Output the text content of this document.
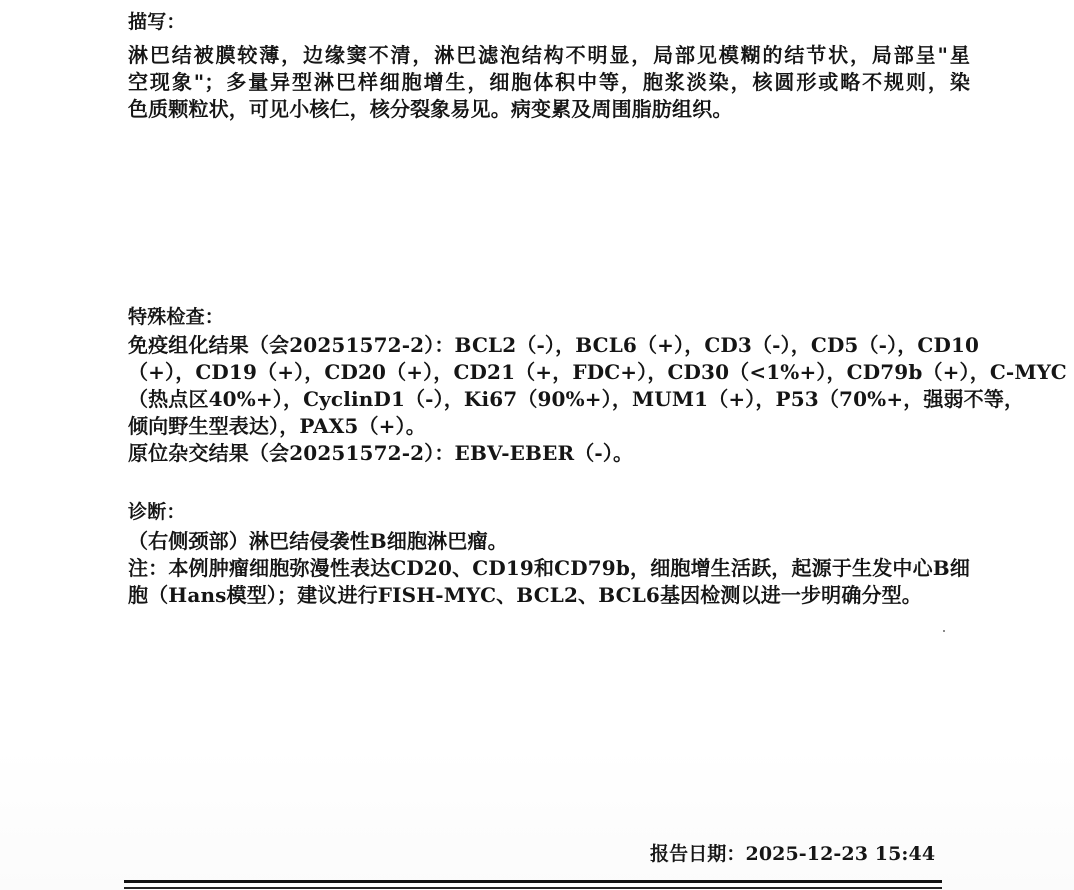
描写：
淋巴结被膜较薄，边缘窦不清，淋巴滤泡结构不明显，局部见模糊的结节状，局部呈"星
空现象"；多量异型淋巴样细胞增生，细胞体积中等，胞浆淡染，核圆形或略不规则，染
色质颗粒状，可见小核仁，核分裂象易见。病变累及周围脂肪组织。
特殊检查：
免疫组化结果（会20251572-2）：BCL2（-），BCL6（+），CD3（-），CD5（-），CD10
（+），CD19（+），CD20（+），CD21（+，FDC+），CD30（<1%+），CD79b（+），C-MYC
（热点区40%+），CyclinD1（-），Ki67（90%+），MUM1（+），P53（70%+，强弱不等，
倾向野生型表达），PAX5（+）。
原位杂交结果（会20251572-2）：EBV-EBER（-）。
诊断：
（右侧颈部）淋巴结侵袭性B细胞淋巴瘤。
注：本例肿瘤细胞弥漫性表达CD20、CD19和CD79b，细胞增生活跃，起源于生发中心B细
胞（Hans模型）；建议进行FISH-MYC、BCL2、BCL6基因检测以进一步明确分型。
报告日期：2025-12-23 15:44
